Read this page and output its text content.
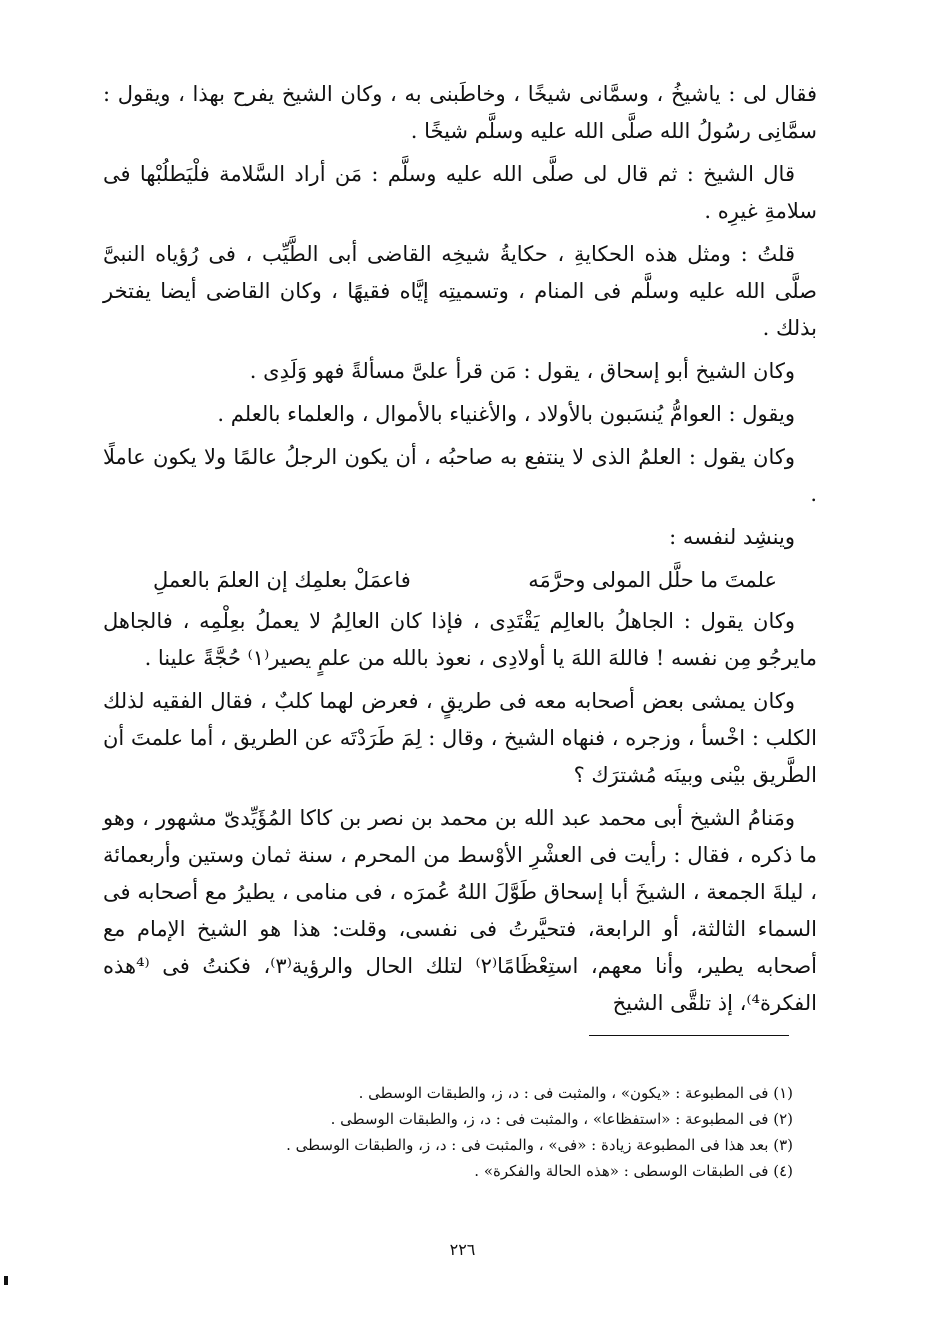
فقال لى : ياشيخُ ، وسمَّانى شيخًا ، وخاطَبنى به ، وكان الشيخ يفرح بهذا ، ويقول : سمَّانِى رسُولُ الله صلَّى الله عليه وسلَّم شيخًا .

قال الشيخ : ثم قال لى صلَّى الله عليه وسلَّم : مَن أراد السَّلامة فلْيَطلُبْها فى سلامةِ غيرِه .

قلتُ : ومثل هذه الحكايةِ ، حكايةُ شيخِه القاضى أبى الطَّيِّب ، فى رُؤياه النبىَّ صلَّى الله عليه وسلَّم فى المنام ، وتسميتِه إيَّاه فقيهًا ، وكان القاضى أيضا يفتخر بذلك .

وكان الشيخ أبو إسحاق ، يقول : مَن قرأ علىَّ مسألةً فهو وَلَدِى .

ويقول : العوامُّ يُنسَبون بالأولاد ، والأغنياء بالأموال ، والعلماء بالعلم .

وكان يقول : العلمُ الذى لا ينتفع به صاحبُه ، أن يكون الرجلُ عالمًا ولا يكون عاملًا .

وينشِد لنفسه :

علمتَ ما حلَّل المولى وحرَّمَه
فاعمَلْ بعلمِك إن العلمَ بالعملِ

وكان يقول : الجاهلُ بالعالِم يَقْتَدِى ، فإذا كان العالِمُ لا يعملُ بعِلْمِه ، فالجاهل مايرجُو مِن نفسه ! فاللهَ اللهَ يا أولادِى ، نعوذ بالله من علمٍ يصير⁽١⁾ حُجَّةً علينا .

وكان يمشى بعض أصحابه معه فى طريقٍ ، فعرض لهما كلبٌ ، فقال الفقيه لذلك الكلب : اخْسأ ، وزجره ، فنهاه الشيخ ، وقال : لِمَ طَرَدْتَه عن الطريق ، أما علمتَ أن الطَّريق بيْنى وبينَه مُشترَك ؟

ومَنامُ الشيخ أبى محمد عبد الله بن محمد بن نصر بن كاكا المُؤَيِّدىّ مشهور ، وهو ما ذكره ، فقال : رأيت فى العشْرِ الأوْسط من المحرم ، سنة ثمان وستين وأربعمائة ، ليلةَ الجمعة ، الشيخَ أبا إسحاق طَوَّلَ اللهُ عُمرَه ، فى منامى ، يطيرُ مع أصحابه فى السماء الثالثة، أو الرابعة، فتحيَّرتُ فى نفسى، وقلت: هذا هو الشيخ الإمام مع أصحابه يطير، وأنا معهم، استِعْظَامًا⁽٢⁾ لتلك الحال والرؤية⁽٣⁾، فكنتُ فى ⁽⁴هذه الفكرة⁴⁾، إذ تلقَّى الشيخ

(١) فى المطبوعة : «يكون» ، والمثبت فى : د، ز، والطبقات الوسطى .
(٢) فى المطبوعة : «استفظاعا» ، والمثبت فى : د، ز، والطبقات الوسطى .
(٣) بعد هذا فى المطبوعة زيادة : «فى» ، والمثبت فى : د، ز، والطبقات الوسطى .
(٤) فى الطبقات الوسطى : «هذه الحالة والفكرة» .
٢٢٦
